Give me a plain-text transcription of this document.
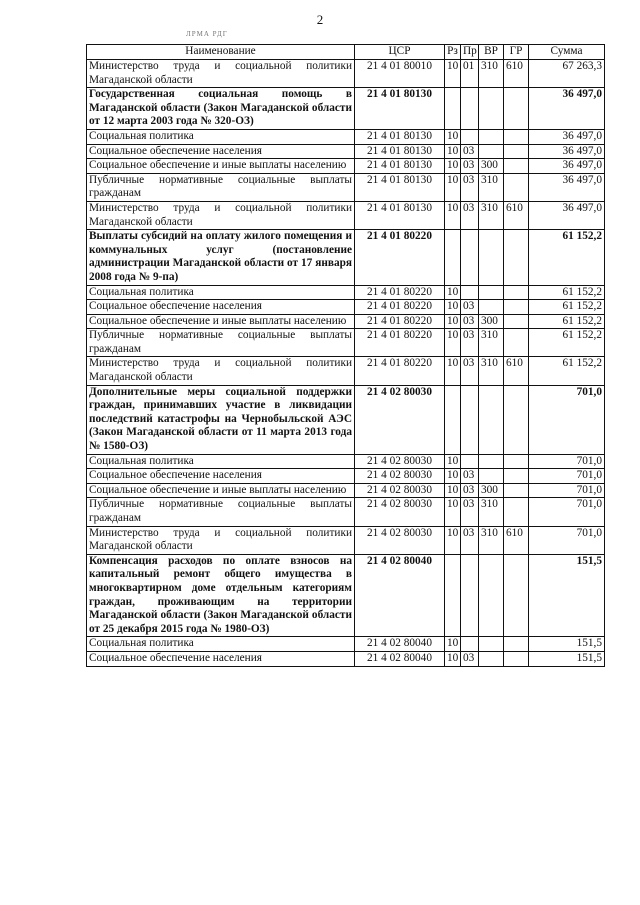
2
ЛРМА РДГ
Наименование	ЦСР	Рз	Пр	ВР	ГР	Сумма
Министерство труда и социальной политики Магаданской области	21 4 01 80010	10	01	310	610	67 263,3
Государственная социальная помощь в Магаданской области (Закон Магаданской области от 12 марта 2003 года № 320-ОЗ)	21 4 01 80130					36 497,0
Социальная политика	21 4 01 80130	10				36 497,0
Социальное обеспечение населения	21 4 01 80130	10	03			36 497,0
Социальное обеспечение и иные выплаты населению	21 4 01 80130	10	03	300		36 497,0
Публичные нормативные социальные выплаты гражданам	21 4 01 80130	10	03	310		36 497,0
Министерство труда и социальной политики Магаданской области	21 4 01 80130	10	03	310	610	36 497,0
Выплаты субсидий на оплату жилого помещения и коммунальных услуг (постановление администрации Магаданской области от 17 января 2008 года № 9-па)	21 4 01 80220					61 152,2
Социальная политика	21 4 01 80220	10				61 152,2
Социальное обеспечение населения	21 4 01 80220	10	03			61 152,2
Социальное обеспечение и иные выплаты населению	21 4 01 80220	10	03	300		61 152,2
Публичные нормативные социальные выплаты гражданам	21 4 01 80220	10	03	310		61 152,2
Министерство труда и социальной политики Магаданской области	21 4 01 80220	10	03	310	610	61 152,2
Дополнительные меры социальной поддержки граждан, принимавших участие в ликвидации последствий катастрофы на Чернобыльской АЭС (Закон Магаданской области от 11 марта 2013 года № 1580-ОЗ)	21 4 02 80030					701,0
Социальная политика	21 4 02 80030	10				701,0
Социальное обеспечение населения	21 4 02 80030	10	03			701,0
Социальное обеспечение и иные выплаты населению	21 4 02 80030	10	03	300		701,0
Публичные нормативные социальные выплаты гражданам	21 4 02 80030	10	03	310		701,0
Министерство труда и социальной политики Магаданской области	21 4 02 80030	10	03	310	610	701,0
Компенсация расходов по оплате взносов на капитальный ремонт общего имущества в многоквартирном доме отдельным категориям граждан, проживающим на территории Магаданской области (Закон Магаданской области от 25 декабря 2015 года № 1980-ОЗ)	21 4 02 80040					151,5
Социальная политика	21 4 02 80040	10				151,5
Социальное обеспечение населения	21 4 02 80040	10	03			151,5
